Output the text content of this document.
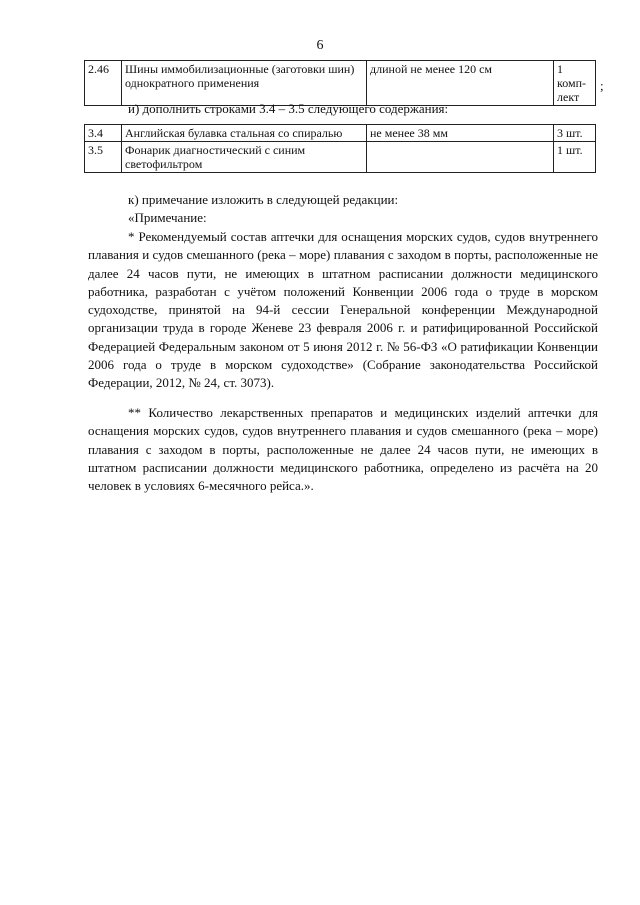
6
2.46	Шины иммобилизационные (заготовки шин) однократного применения	длиной не менее 120 см	1 комп-лект
;
и) дополнить строками 3.4 – 3.5 следующего содержания:
3.4	Английская булавка стальная со спиралью	не менее 38 мм	3 шт.
3.5	Фонарик диагностический с синим светофильтром		1 шт.
к) примечание изложить в следующей редакции:
«Примечание:
* Рекомендуемый состав аптечки для оснащения морских судов, судов внутреннего плавания и судов смешанного (река – море) плавания с заходом в порты, расположенные не далее 24 часов пути, не имеющих в штатном расписании должности медицинского работника, разработан с учётом положений Конвенции 2006 года о труде в морском судоходстве, принятой на 94-й сессии Генеральной конференции Международной организации труда в городе Женеве 23 февраля 2006 г. и ратифицированной Российской Федерацией Федеральным законом от 5 июня 2012 г. № 56-ФЗ «О ратификации Конвенции 2006 года о труде в морском судоходстве» (Собрание законодательства Российской Федерации, 2012, № 24, ст. 3073).
** Количество лекарственных препаратов и медицинских изделий аптечки для оснащения морских судов, судов внутреннего плавания и судов смешанного (река – море) плавания с заходом в порты, расположенные не далее 24 часов пути, не имеющих в штатном расписании должности медицинского работника, определено из расчёта на 20 человек в условиях 6-месячного рейса.».
